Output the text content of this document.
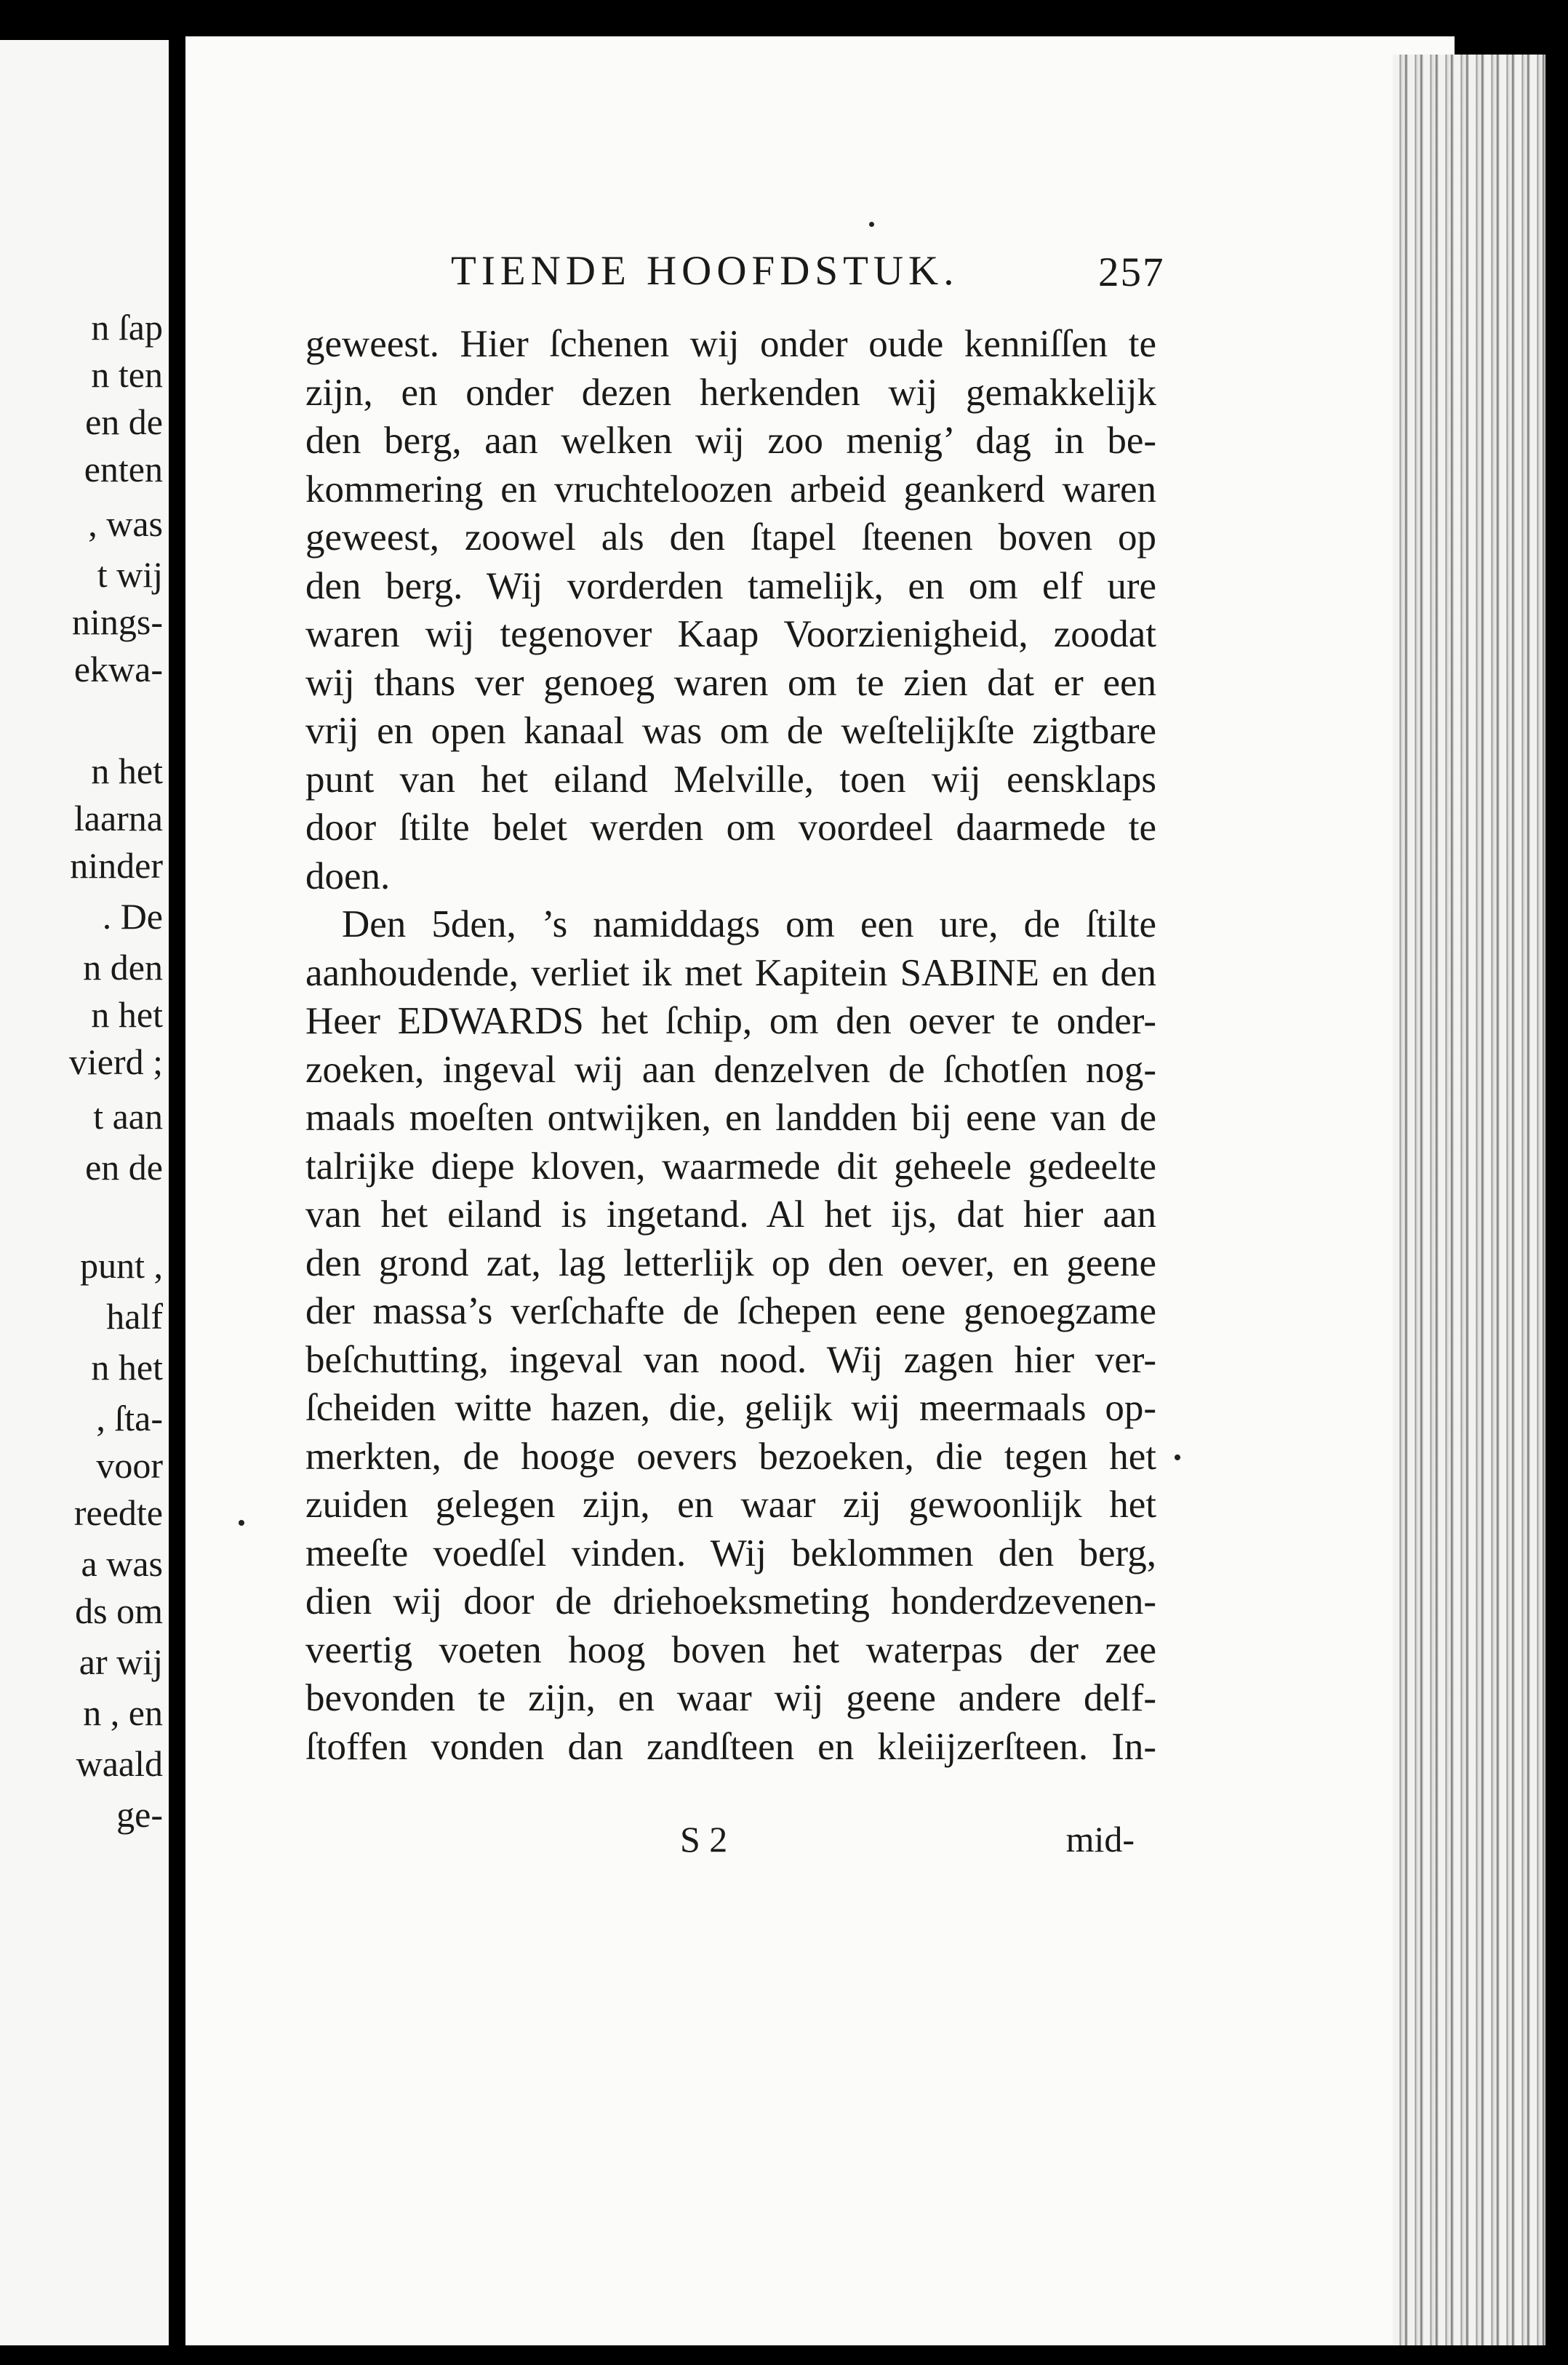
n ſap
n ten
en de
enten
, was
t wij
nings-
ekwa-
n het
laarna
ninder
. De
n den
n het
vierd ;
t aan
en de
punt ,
half
n het
, ſta-
voor
reedte
a was
ds om
ar wij
n , en
waald
ge-
TIENDE HOOFDSTUK.	257
geweest. Hier ſchenen wij onder oude kenniſſen te
zijn, en onder dezen herkenden wij gemakkelijk
den berg, aan welken wij zoo menig’ dag in be-
kommering en vruchteloozen arbeid geankerd waren
geweest, zoowel als den ſtapel ſteenen boven op
den berg. Wij vorderden tamelijk, en om elf ure
waren wij tegenover Kaap Voorzienigheid, zoodat
wij thans ver genoeg waren om te zien dat er een
vrij en open kanaal was om de weſtelijkſte zigtbare
punt van het eiland Melville, toen wij eensklaps
door ſtilte belet werden om voordeel daarmede te
doen.
Den 5den, ’s namiddags om een ure, de ſtilte
aanhoudende, verliet ik met Kapitein SABINE en den
Heer EDWARDS het ſchip, om den oever te onder-
zoeken, ingeval wij aan denzelven de ſchotſen nog-
maals moeſten ontwijken, en landden bij eene van de
talrijke diepe kloven, waarmede dit geheele gedeelte
van het eiland is ingetand. Al het ijs, dat hier aan
den grond zat, lag letterlijk op den oever, en geene
der massa’s verſchafte de ſchepen eene genoegzame
beſchutting, ingeval van nood. Wij zagen hier ver-
ſcheiden witte hazen, die, gelijk wij meermaals op-
merkten, de hooge oevers bezoeken, die tegen het
zuiden gelegen zijn, en waar zij gewoonlijk het
meeſte voedſel vinden. Wij beklommen den berg,
dien wij door de driehoeksmeting honderdzevenen-
veertig voeten hoog boven het waterpas der zee
bevonden te zijn, en waar wij geene andere delf-
ſtoffen vonden dan zandſteen en kleiijzerſteen. In-
S 2	mid-
